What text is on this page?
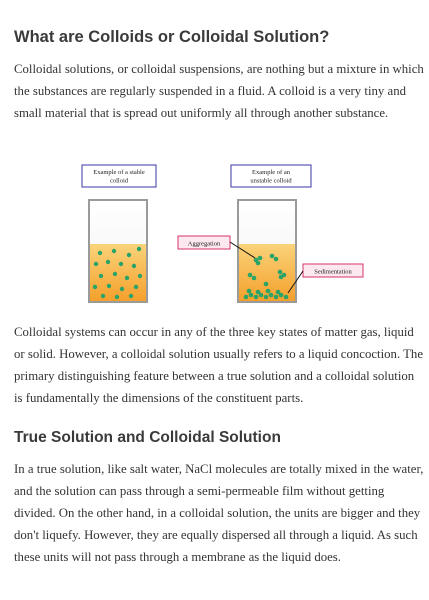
What are Colloids or Colloidal Solution?

Colloidal solutions, or colloidal suspensions, are nothing but a mixture in which the substances are regularly suspended in a fluid. A colloid is a very tiny and small material that is spread out uniformly all through another substance.

Example of a stable
colloid
Example of an
unstable colloid
Aggregation
Sedimentation

Colloidal systems can occur in any of the three key states of matter gas, liquid or solid. However, a colloidal solution usually refers to a liquid concoction. The primary distinguishing feature between a true solution and a colloidal solution is fundamentally the dimensions of the constituent parts.

True Solution and Colloidal Solution

In a true solution, like salt water, NaCl molecules are totally mixed in the water, and the solution can pass through a semi-permeable film without getting divided. On the other hand, in a colloidal solution, the units are bigger and they don't liquefy. However, they are equally dispersed all through a liquid. As such these units will not pass through a membrane as the liquid does.
